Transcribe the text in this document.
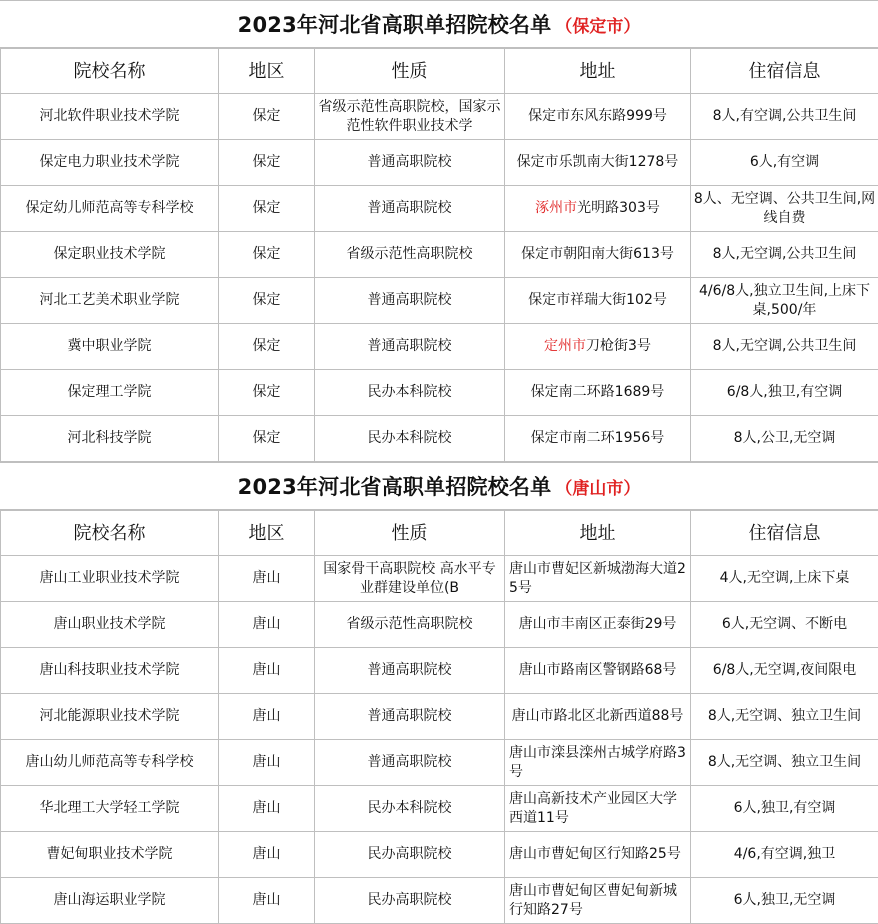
2023年河北省高职单招院校名单 （保定市）
院校名称	地区	性质	地址	住宿信息
河北软件职业技术学院	保定	省级示范性高职院校，国家示范性软件职业技术学	保定市东风东路999号	8人,有空调,公共卫生间
保定电力职业技术学院	保定	普通高职院校	保定市乐凯南大街1278号	6人,有空调
保定幼儿师范高等专科学校	保定	普通高职院校	涿州市光明路303号	8人、无空调、公共卫生间,网线自费
保定职业技术学院	保定	省级示范性高职院校	保定市朝阳南大街613号	8人,无空调,公共卫生间
河北工艺美术职业学院	保定	普通高职院校	保定市祥瑞大街102号	4/6/8人,独立卫生间,上床下桌,500/年
冀中职业学院	保定	普通高职院校	定州市刀枪街3号	8人,无空调,公共卫生间
保定理工学院	保定	民办本科院校	保定南二环路1689号	6/8人,独卫,有空调
河北科技学院	保定	民办本科院校	保定市南二环1956号	8人,公卫,无空调
2023年河北省高职单招院校名单 （唐山市）
院校名称	地区	性质	地址	住宿信息
唐山工业职业技术学院	唐山	国家骨干高职院校 高水平专业群建设单位(B	唐山市曹妃区新城渤海大道25号	4人,无空调,上床下桌
唐山职业技术学院	唐山	省级示范性高职院校	唐山市丰南区正泰街29号	6人,无空调、不断电
唐山科技职业技术学院	唐山	普通高职院校	唐山市路南区警钢路68号	6/8人,无空调,夜间限电
河北能源职业技术学院	唐山	普通高职院校	唐山市路北区北新西道88号	8人,无空调、独立卫生间
唐山幼儿师范高等专科学校	唐山	普通高职院校	唐山市滦县滦州古城学府路3号	8人,无空调、独立卫生间
华北理工大学轻工学院	唐山	民办本科院校	唐山高新技术产业园区大学西道11号	6人,独卫,有空调
曹妃甸职业技术学院	唐山	民办高职院校	唐山市曹妃甸区行知路25号	4/6,有空调,独卫
唐山海运职业学院	唐山	民办高职院校	唐山市曹妃甸区曹妃甸新城行知路27号	6人,独卫,无空调
